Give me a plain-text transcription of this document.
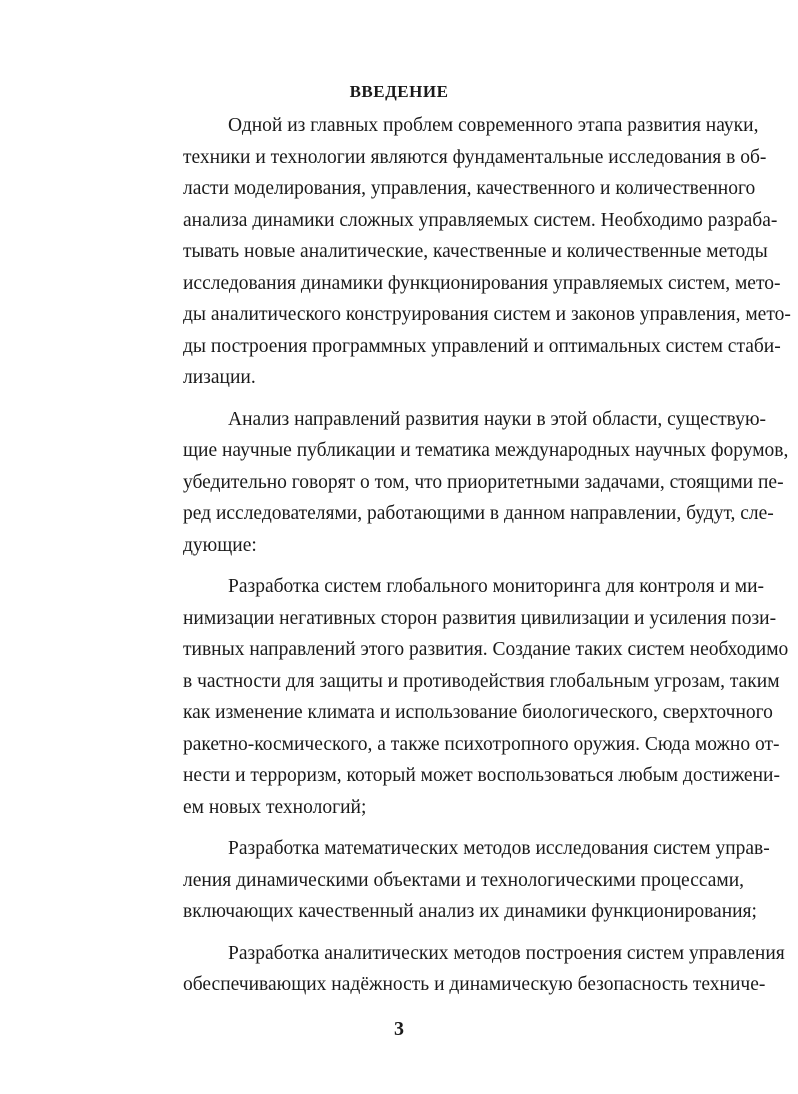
ВВЕДЕНИЕ
Одной из главных проблем современного этапа развития науки,
техники и технологии являются фундаментальные исследования в об-
ласти моделирования, управления, качественного и количественного
анализа динамики сложных управляемых систем. Необходимо разраба-
тывать новые аналитические, качественные и количественные методы
исследования динамики функционирования управляемых систем, мето-
ды аналитического конструирования систем и законов управления, мето-
ды построения программных управлений и оптимальных систем стаби-
лизации.
Анализ направлений развития науки в этой области, существую-
щие научные публикации и тематика международных научных форумов,
убедительно говорят о том, что приоритетными задачами, стоящими пе-
ред исследователями, работающими в данном направлении, будут, сле-
дующие:
Разработка систем глобального мониторинга для контроля и ми-
нимизации негативных сторон развития цивилизации и усиления пози-
тивных направлений этого развития. Создание таких систем необходимо
в частности для защиты и противодействия глобальным угрозам, таким
как изменение климата и использование биологического, сверхточного
ракетно-космического, а также психотропного оружия. Сюда можно от-
нести и терроризм, который может воспользоваться любым достижени-
ем новых технологий;
Разработка математических методов исследования систем управ-
ления динамическими объектами и технологическими процессами,
включающих качественный анализ их динамики функционирования;
Разработка аналитических методов построения систем управления
обеспечивающих надёжность и динамическую безопасность техниче-

3
